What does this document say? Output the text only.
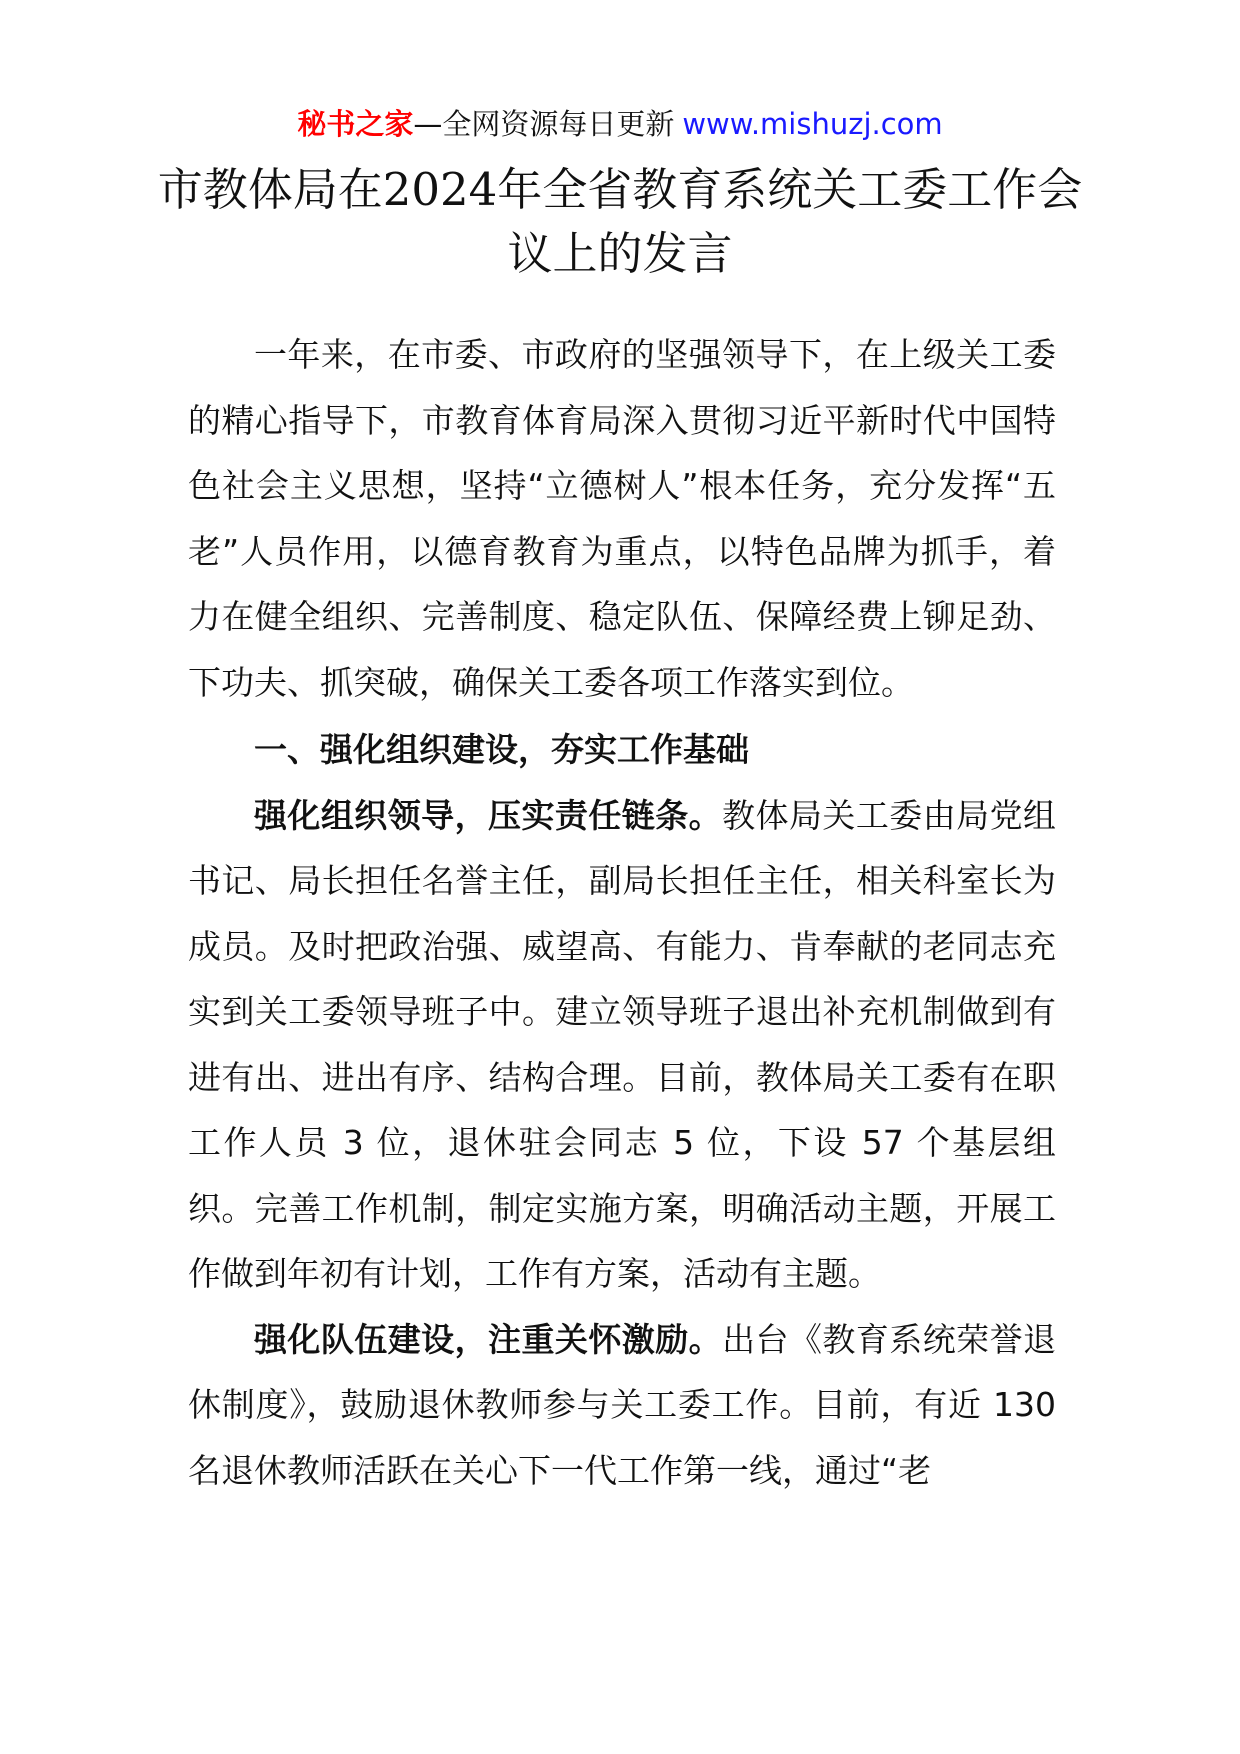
秘书之家—全网资源每日更新 www.mishuzj.com
市教体局在2024年全省教育系统关工委工作会议上的发言

一年来，在市委、市政府的坚强领导下，在上级关工委的精心指导下，市教育体育局深入贯彻习近平新时代中国特色社会主义思想，坚持“立德树人”根本任务，充分发挥“五老”人员作用，以德育教育为重点，以特色品牌为抓手，着力在健全组织、完善制度、稳定队伍、保障经费上铆足劲、下功夫、抓突破，确保关工委各项工作落实到位。

一、强化组织建设，夯实工作基础

强化组织领导，压实责任链条。教体局关工委由局党组书记、局长担任名誉主任，副局长担任主任，相关科室长为成员。及时把政治强、威望高、有能力、肯奉献的老同志充实到关工委领导班子中。建立领导班子退出补充机制做到有进有出、进出有序、结构合理。目前，教体局关工委有在职工作人员 3 位，退休驻会同志 5 位，下设 57 个基层组织。完善工作机制，制定实施方案，明确活动主题，开展工作做到年初有计划，工作有方案，活动有主题。

强化队伍建设，注重关怀激励。出台《教育系统荣誉退休制度》，鼓励退休教师参与关工委工作。目前，有近 130 名退休教师活跃在关心下一代工作第一线，通过“老
